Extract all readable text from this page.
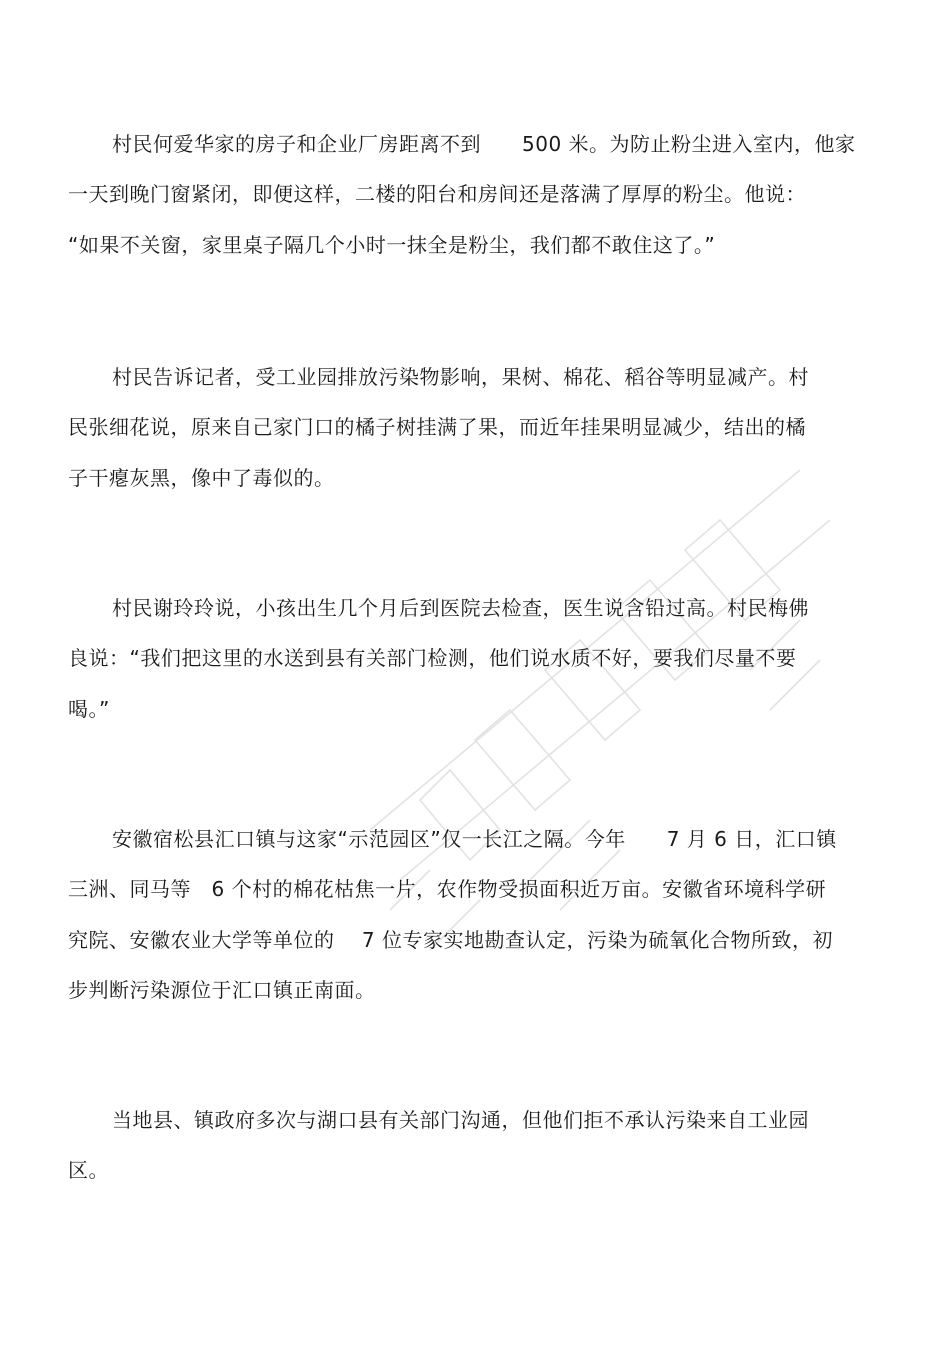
村民何爱华家的房子和企业厂房距离不到　　500 米。为防止粉尘进入室内，他家
一天到晚门窗紧闭，即便这样，二楼的阳台和房间还是落满了厚厚的粉尘。他说：
“如果不关窗，家里桌子隔几个小时一抹全是粉尘，我们都不敢住这了。”
村民告诉记者，受工业园排放污染物影响，果树、棉花、稻谷等明显减产。村
民张细花说，原来自己家门口的橘子树挂满了果，而近年挂果明显减少，结出的橘
子干瘪灰黑，像中了毒似的。
村民谢玲玲说，小孩出生几个月后到医院去检查，医生说含铅过高。村民梅佛
良说：“我们把这里的水送到县有关部门检测，他们说水质不好，要我们尽量不要
喝。”
安徽宿松县汇口镇与这家“示范园区”仅一长江之隔。今年　　7 月 6 日，汇口镇
三洲、同马等　6 个村的棉花枯焦一片，农作物受损面积近万亩。安徽省环境科学研
究院、安徽农业大学等单位的　 7 位专家实地勘查认定，污染为硫氧化合物所致，初
步判断污染源位于汇口镇正南面。
当地县、镇政府多次与湖口县有关部门沟通，但他们拒不承认污染来自工业园
区。
